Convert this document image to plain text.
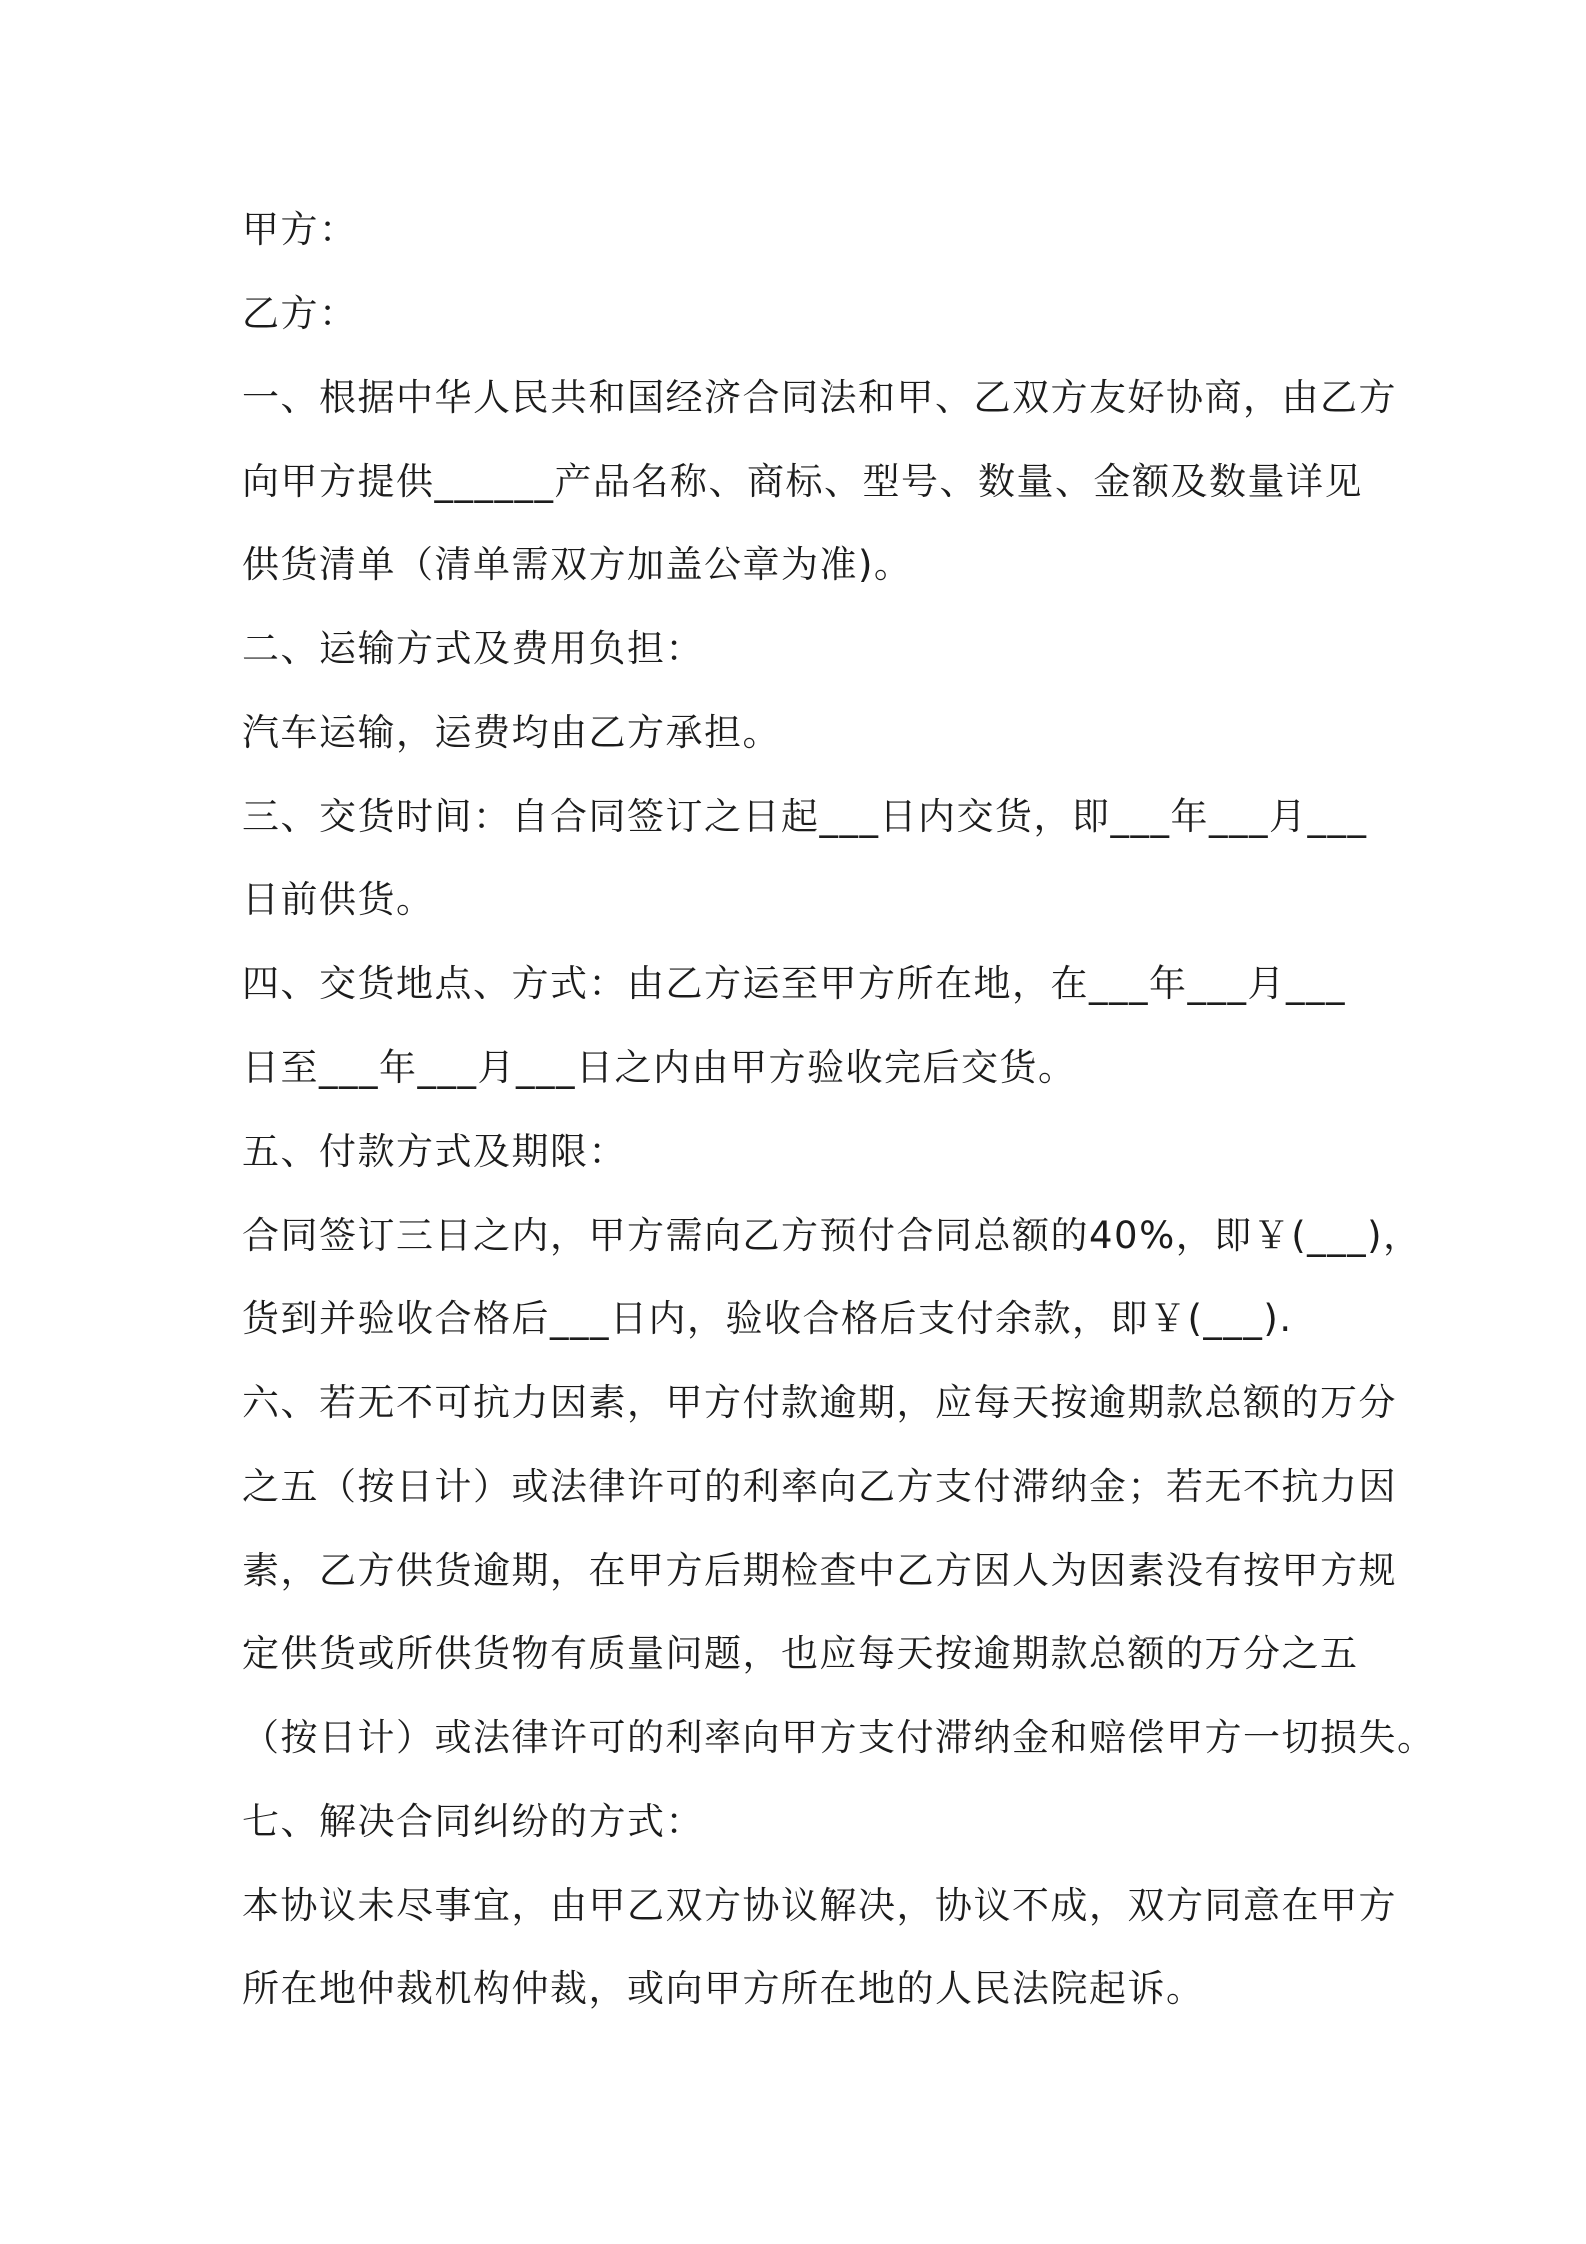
甲方：
乙方：
一、根据中华人民共和国经济合同法和甲、乙双方友好协商，由乙方
向甲方提供______产品名称、商标、型号、数量、金额及数量详见
供货清单（清单需双方加盖公章为准)。
二、运输方式及费用负担：
汽车运输，运费均由乙方承担。
三、交货时间：自合同签订之日起___日内交货，即___年___月___
日前供货。
四、交货地点、方式：由乙方运至甲方所在地，在___年___月___
日至___年___月___日之内由甲方验收完后交货。
五、付款方式及期限：
合同签订三日之内，甲方需向乙方预付合同总额的40%，即￥(___)，
货到并验收合格后___日内，验收合格后支付余款，即￥(___).
六、若无不可抗力因素，甲方付款逾期，应每天按逾期款总额的万分
之五（按日计）或法律许可的利率向乙方支付滞纳金；若无不抗力因
素，乙方供货逾期，在甲方后期检查中乙方因人为因素没有按甲方规
定供货或所供货物有质量问题，也应每天按逾期款总额的万分之五
（按日计）或法律许可的利率向甲方支付滞纳金和赔偿甲方一切损失。
七、解决合同纠纷的方式：
本协议未尽事宜，由甲乙双方协议解决，协议不成，双方同意在甲方
所在地仲裁机构仲裁，或向甲方所在地的人民法院起诉。
